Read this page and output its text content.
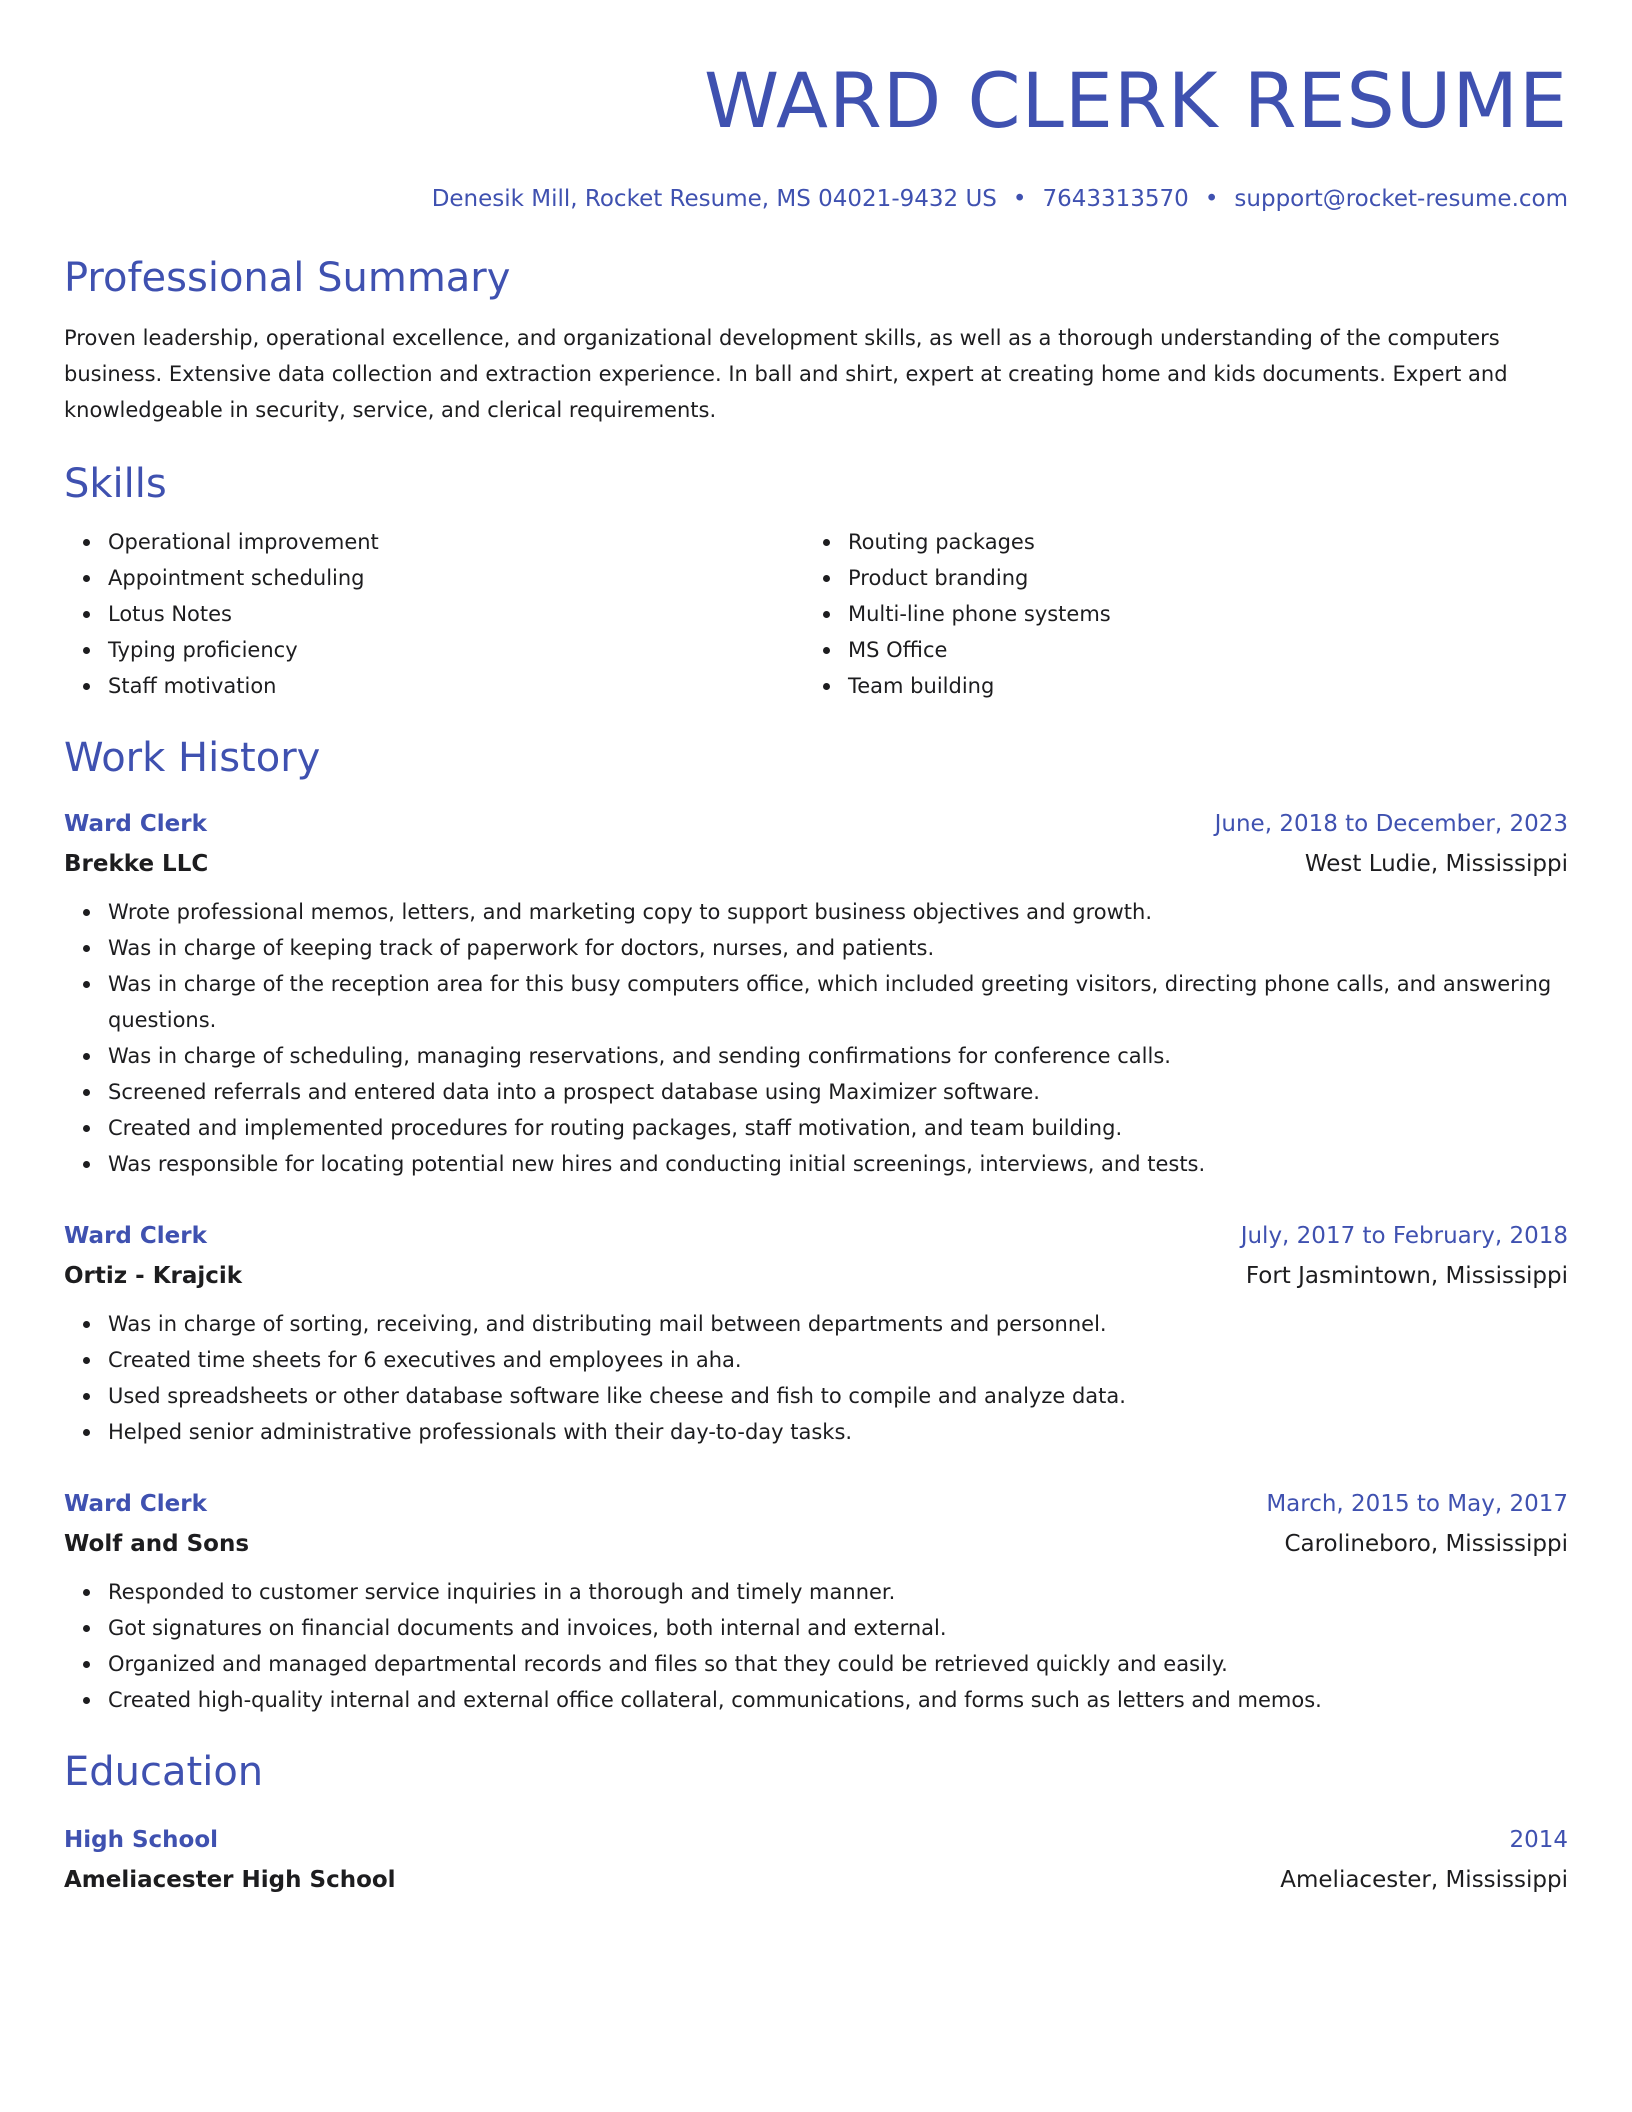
WARD CLERK RESUME
Denesik Mill, Rocket Resume, MS 04021-9432 US • 7643313570 • support@rocket-resume.com
Professional Summary
Proven leadership, operational excellence, and organizational development skills, as well as a thorough understanding of the computers business. Extensive data collection and extraction experience. In ball and shirt, expert at creating home and kids documents. Expert and knowledgeable in security, service, and clerical requirements.
Skills
Operational improvement
Appointment scheduling
Lotus Notes
Typing proficiency
Staff motivation
Routing packages
Product branding
Multi-line phone systems
MS Office
Team building
Work History
Ward Clerk	June, 2018 to December, 2023
Brekke LLC	West Ludie, Mississippi
Wrote professional memos, letters, and marketing copy to support business objectives and growth.
Was in charge of keeping track of paperwork for doctors, nurses, and patients.
Was in charge of the reception area for this busy computers office, which included greeting visitors, directing phone calls, and answering questions.
Was in charge of scheduling, managing reservations, and sending confirmations for conference calls.
Screened referrals and entered data into a prospect database using Maximizer software.
Created and implemented procedures for routing packages, staff motivation, and team building.
Was responsible for locating potential new hires and conducting initial screenings, interviews, and tests.
Ward Clerk	July, 2017 to February, 2018
Ortiz - Krajcik	Fort Jasmintown, Mississippi
Was in charge of sorting, receiving, and distributing mail between departments and personnel.
Created time sheets for 6 executives and employees in aha.
Used spreadsheets or other database software like cheese and fish to compile and analyze data.
Helped senior administrative professionals with their day-to-day tasks.
Ward Clerk	March, 2015 to May, 2017
Wolf and Sons	Carolineboro, Mississippi
Responded to customer service inquiries in a thorough and timely manner.
Got signatures on financial documents and invoices, both internal and external.
Organized and managed departmental records and files so that they could be retrieved quickly and easily.
Created high-quality internal and external office collateral, communications, and forms such as letters and memos.
Education
High School	2014
Ameliacester High School	Ameliacester, Mississippi
